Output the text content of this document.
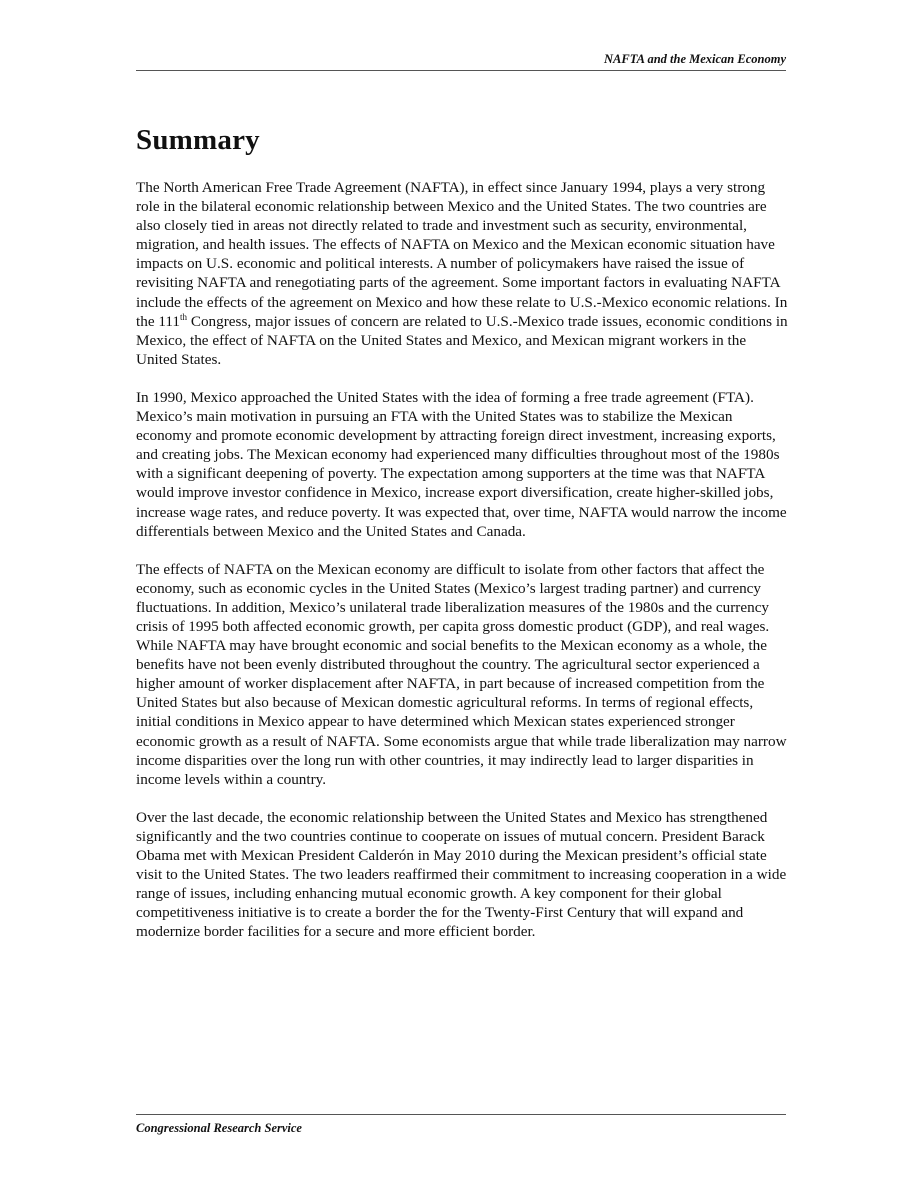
NAFTA and the Mexican Economy
Summary

The North American Free Trade Agreement (NAFTA), in effect since January 1994, plays a very strong role in the bilateral economic relationship between Mexico and the United States. The two countries are also closely tied in areas not directly related to trade and investment such as security, environmental, migration, and health issues. The effects of NAFTA on Mexico and the Mexican economic situation have impacts on U.S. economic and political interests. A number of policymakers have raised the issue of revisiting NAFTA and renegotiating parts of the agreement. Some important factors in evaluating NAFTA include the effects of the agreement on Mexico and how these relate to U.S.-Mexico economic relations. In the 111th Congress, major issues of concern are related to U.S.-Mexico trade issues, economic conditions in Mexico, the effect of NAFTA on the United States and Mexico, and Mexican migrant workers in the United States.

In 1990, Mexico approached the United States with the idea of forming a free trade agreement (FTA). Mexico’s main motivation in pursuing an FTA with the United States was to stabilize the Mexican economy and promote economic development by attracting foreign direct investment, increasing exports, and creating jobs. The Mexican economy had experienced many difficulties throughout most of the 1980s with a significant deepening of poverty. The expectation among supporters at the time was that NAFTA would improve investor confidence in Mexico, increase export diversification, create higher-skilled jobs, increase wage rates, and reduce poverty. It was expected that, over time, NAFTA would narrow the income differentials between Mexico and the United States and Canada.

The effects of NAFTA on the Mexican economy are difficult to isolate from other factors that affect the economy, such as economic cycles in the United States (Mexico’s largest trading partner) and currency fluctuations. In addition, Mexico’s unilateral trade liberalization measures of the 1980s and the currency crisis of 1995 both affected economic growth, per capita gross domestic product (GDP), and real wages. While NAFTA may have brought economic and social benefits to the Mexican economy as a whole, the benefits have not been evenly distributed throughout the country. The agricultural sector experienced a higher amount of worker displacement after NAFTA, in part because of increased competition from the United States but also because of Mexican domestic agricultural reforms. In terms of regional effects, initial conditions in Mexico appear to have determined which Mexican states experienced stronger economic growth as a result of NAFTA. Some economists argue that while trade liberalization may narrow income disparities over the long run with other countries, it may indirectly lead to larger disparities in income levels within a country.

Over the last decade, the economic relationship between the United States and Mexico has strengthened significantly and the two countries continue to cooperate on issues of mutual concern. President Barack Obama met with Mexican President Calderón in May 2010 during the Mexican president’s official state visit to the United States. The two leaders reaffirmed their commitment to increasing cooperation in a wide range of issues, including enhancing mutual economic growth. A key component for their global competitiveness initiative is to create a border the for the Twenty-First Century that will expand and modernize border facilities for a secure and more efficient border.

Congressional Research Service
